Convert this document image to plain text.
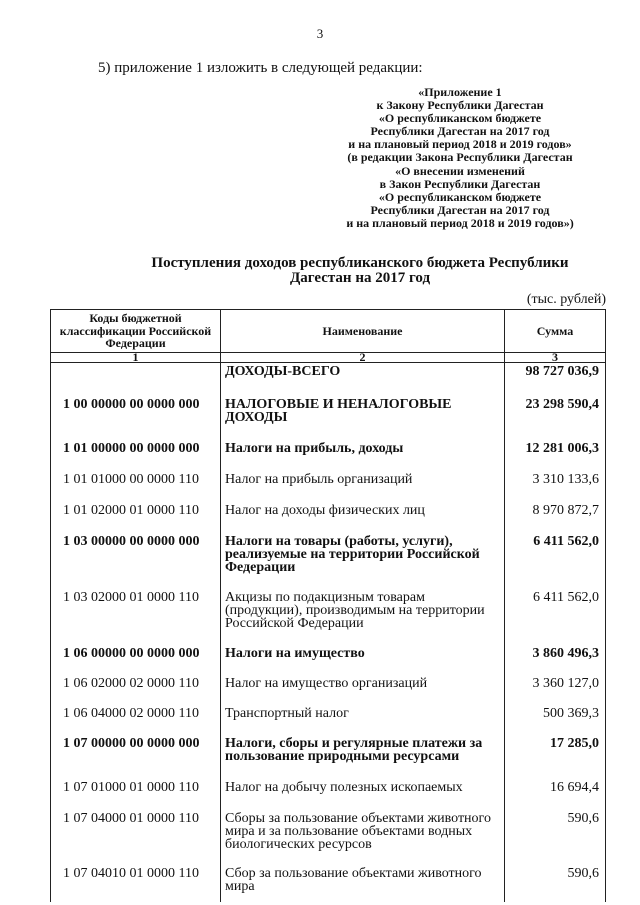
3
5) приложение 1 изложить в следующей редакции:
«Приложение 1
к Закону Республики Дагестан
«О республиканском бюджете
Республики Дагестан на 2017 год
и на плановый период 2018 и 2019 годов»
(в редакции Закона Республики Дагестан
«О внесении изменений
в Закон Республики Дагестан
«О республиканском бюджете
Республики Дагестан на 2017 год
и на плановый период 2018 и 2019 годов»)
Поступления доходов республиканского бюджета Республики Дагестан на 2017 год
(тыс. рублей)
Коды бюджетной классификации Российской Федерации	Наименование	Сумма
1	2	3
	ДОХОДЫ-ВСЕГО	98 727 036,9
1 00 00000 00 0000 000	НАЛОГОВЫЕ И НЕНАЛОГОВЫЕ ДОХОДЫ	23 298 590,4
1 01 00000 00 0000 000	Налоги на прибыль, доходы	12 281 006,3
1 01 01000 00 0000 110	Налог на прибыль организаций	3 310 133,6
1 01 02000 01 0000 110	Налог на доходы физических лиц	8 970 872,7
1 03 00000 00 0000 000	Налоги на товары (работы, услуги), реализуемые на территории Российской Федерации	6 411 562,0
1 03 02000 01 0000 110	Акцизы по подакцизным товарам (продукции), производимым на территории Российской Федерации	6 411 562,0
1 06 00000 00 0000 000	Налоги на имущество	3 860 496,3
1 06 02000 02 0000 110	Налог на имущество организаций	3 360 127,0
1 06 04000 02 0000 110	Транспортный налог	500 369,3
1 07 00000 00 0000 000	Налоги, сборы и регулярные платежи за пользование природными ресурсами	17 285,0
1 07 01000 01 0000 110	Налог на добычу полезных ископаемых	16 694,4
1 07 04000 01 0000 110	Сборы за пользование объектами животного мира и за пользование объектами водных биологических ресурсов	590,6
1 07 04010 01 0000 110	Сбор за пользование объектами животного мира	590,6
